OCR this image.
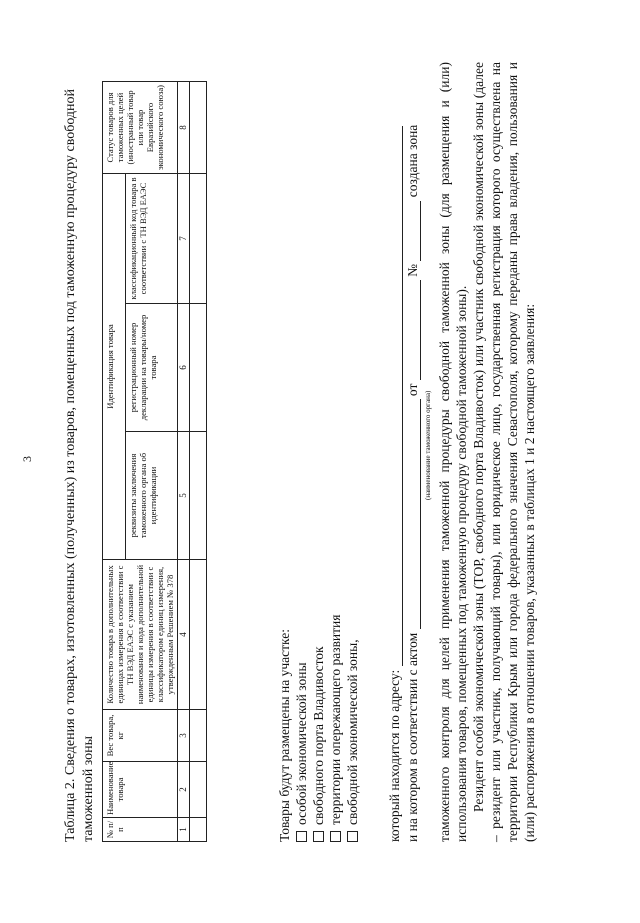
3 Таблица 2. Сведения о товарах, изготовленных (полученных) из товаров, помещенных под таможенную процедуру свободной таможенной зоны № п/п	Наименование товара	Вес товара, кг	Количество товара в дополнительных единицах измерения в соответствии с ТН ВЭД ЕАЭС с указанием наименования и кода дополнительной единицы измерения в соответствии с классификатором единиц измерения, утвержденным Решением № 378	Идентификация товара			Статус товаров для таможенных целей (иностранный товар или товар Евразийского экономического союза)
				реквизиты заключения таможенного органа об идентификации	регистрационный номер декларации на товары/номер товара	классификационный код товара в соответствии с ТН ВЭД ЕАЭС	
1	2	3	4	5	6	7	8

Товары будут размещены на участке: особой экономической зоны свободного порта Владивосток территории опережающего развития свободной экономической зоны, который находится по адресу: и на котором в соответствии с актом  от  №  создана зона
(наименование таможенного органа) таможенного контроля для целей применения таможенной процедуры свободной таможенной зоны (для размещения и (или) использования товаров, помещенных под таможенную процедуру свободной таможенной зоны). Резидент особой экономической зоны (ТОР, свободного порта Владивосток) или участник свободной экономической зоны (далее – резидент или участник, получающий товары), или юридическое лицо, государственная регистрация которого осуществлена на территории Республики Крым или города федерального значения Севастополя, которому переданы права владения, пользования и (или) распоряжения в отношении товаров, указанных в таблицах 1 и 2 настоящего заявления:
